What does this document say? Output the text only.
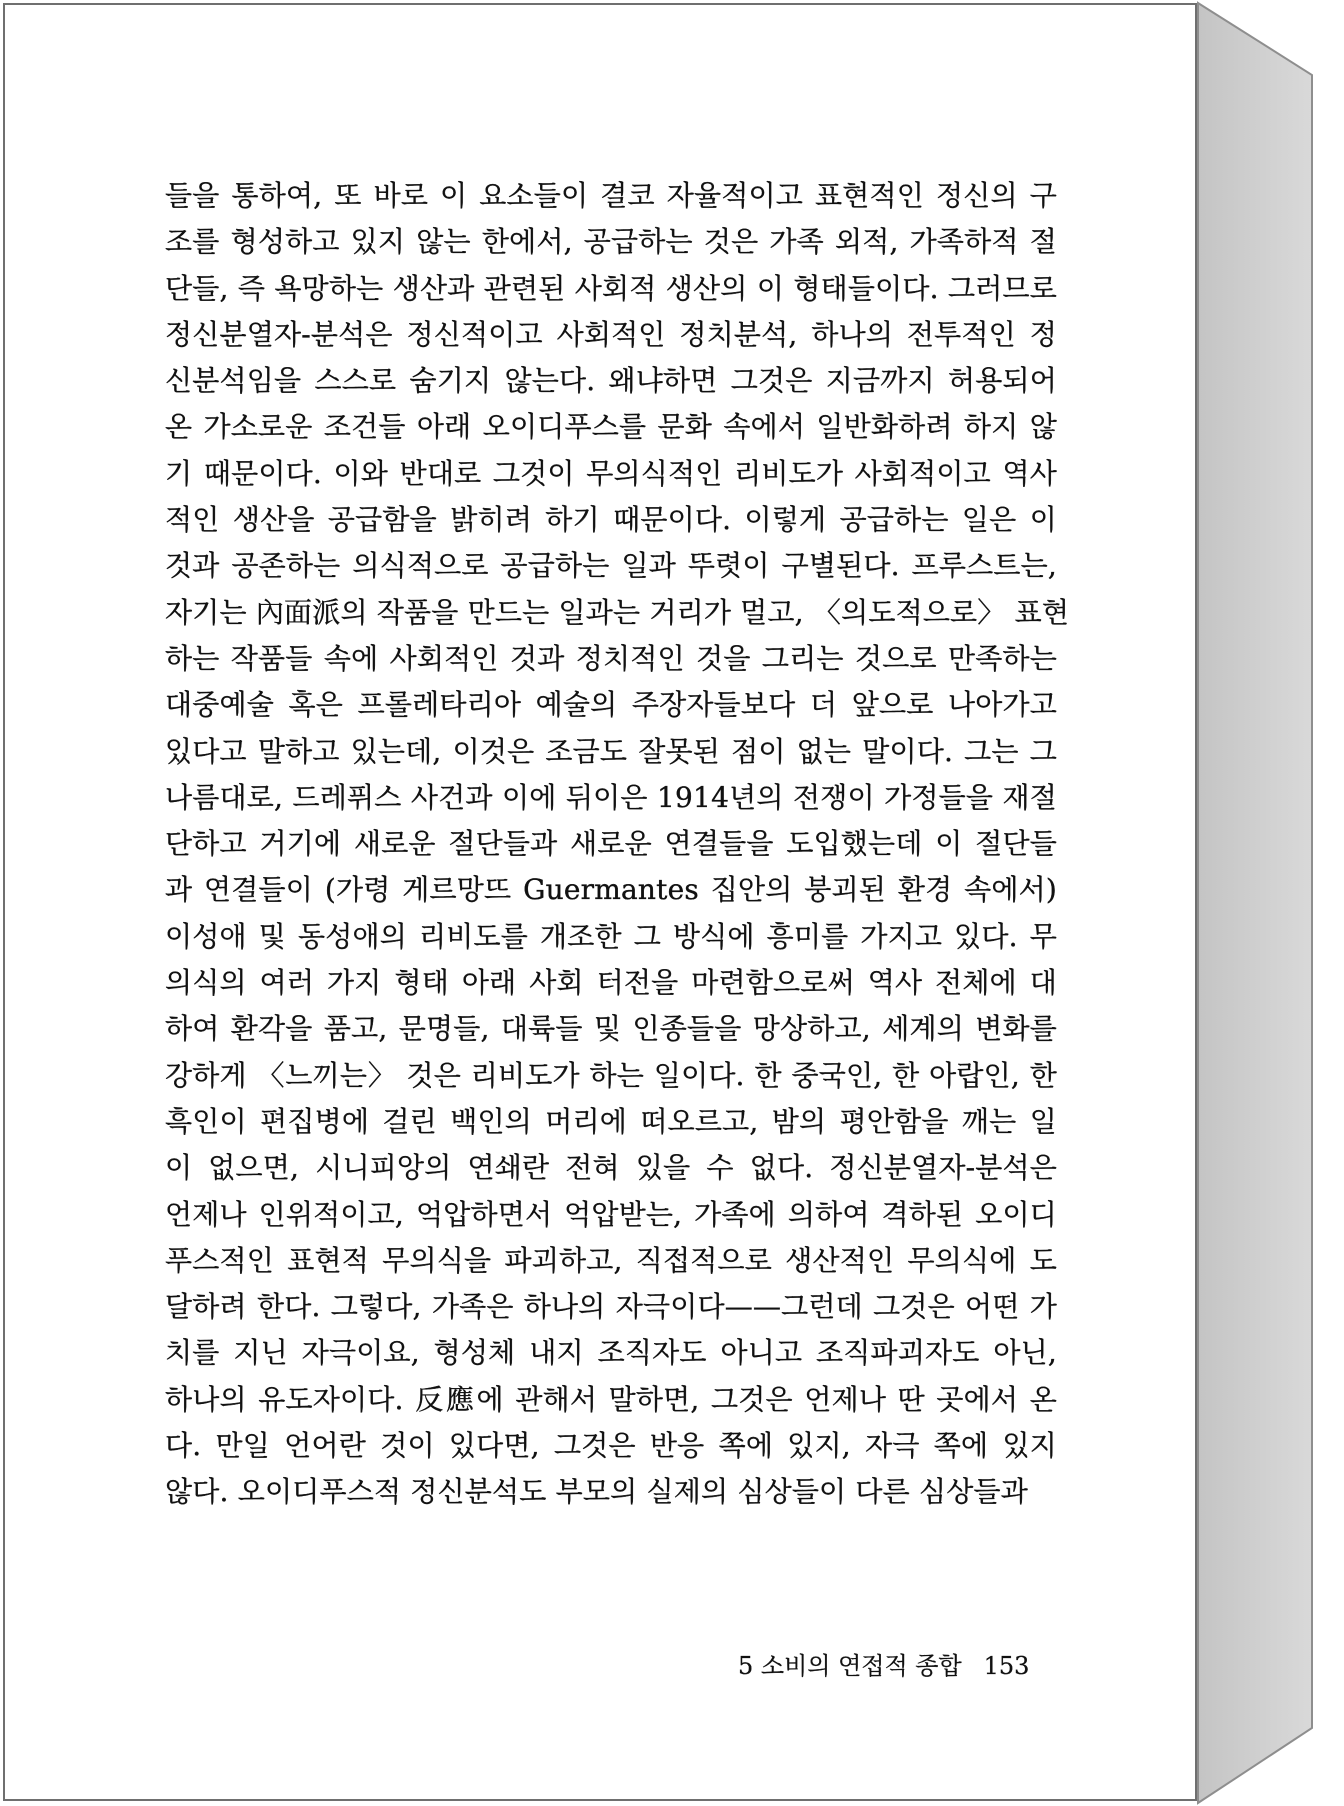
들을 통하여, 또 바로 이 요소들이 결코 자율적이고 표현적인 정신의 구
조를 형성하고 있지 않는 한에서, 공급하는 것은 가족 외적, 가족하적 절
단들, 즉 욕망하는 생산과 관련된 사회적 생산의 이 형태들이다. 그러므로
정신분열자-분석은 정신적이고 사회적인 정치분석, 하나의 전투적인 정
신분석임을 스스로 숨기지 않는다. 왜냐하면 그것은 지금까지 허용되어
온 가소로운 조건들 아래 오이디푸스를 문화 속에서 일반화하려 하지 않
기 때문이다. 이와 반대로 그것이 무의식적인 리비도가 사회적이고 역사
적인 생산을 공급함을 밝히려 하기 때문이다. 이렇게 공급하는 일은 이
것과 공존하는 의식적으로 공급하는 일과 뚜렷이 구별된다. 프루스트는,
자기는 內面派의 작품을 만드는 일과는 거리가 멀고, 〈의도적으로〉 표현
하는 작품들 속에 사회적인 것과 정치적인 것을 그리는 것으로 만족하는
대중예술 혹은 프롤레타리아 예술의 주장자들보다 더 앞으로 나아가고
있다고 말하고 있는데, 이것은 조금도 잘못된 점이 없는 말이다. 그는 그
나름대로, 드레퓌스 사건과 이에 뒤이은 1914년의 전쟁이 가정들을 재절
단하고 거기에 새로운 절단들과 새로운 연결들을 도입했는데 이 절단들
과 연결들이 (가령 게르망뜨 Guermantes 집안의 붕괴된 환경 속에서)
이성애 및 동성애의 리비도를 개조한 그 방식에 흥미를 가지고 있다. 무
의식의 여러 가지 형태 아래 사회 터전을 마련함으로써 역사 전체에 대
하여 환각을 품고, 문명들, 대륙들 및 인종들을 망상하고, 세계의 변화를
강하게 〈느끼는〉 것은 리비도가 하는 일이다. 한 중국인, 한 아랍인, 한
흑인이 편집병에 걸린 백인의 머리에 떠오르고, 밤의 평안함을 깨는 일
이 없으면, 시니피앙의 연쇄란 전혀 있을 수 없다. 정신분열자-분석은
언제나 인위적이고, 억압하면서 억압받는, 가족에 의하여 격하된 오이디
푸스적인 표현적 무의식을 파괴하고, 직접적으로 생산적인 무의식에 도
달하려 한다. 그렇다, 가족은 하나의 자극이다——그런데 그것은 어떤 가
치를 지닌 자극이요, 형성체 내지 조직자도 아니고 조직파괴자도 아닌,
하나의 유도자이다. 反應에 관해서 말하면, 그것은 언제나 딴 곳에서 온
다. 만일 언어란 것이 있다면, 그것은 반응 쪽에 있지, 자극 쪽에 있지
않다. 오이디푸스적 정신분석도 부모의 실제의 심상들이 다른 심상들과
5 소비의 연접적 종합 153
